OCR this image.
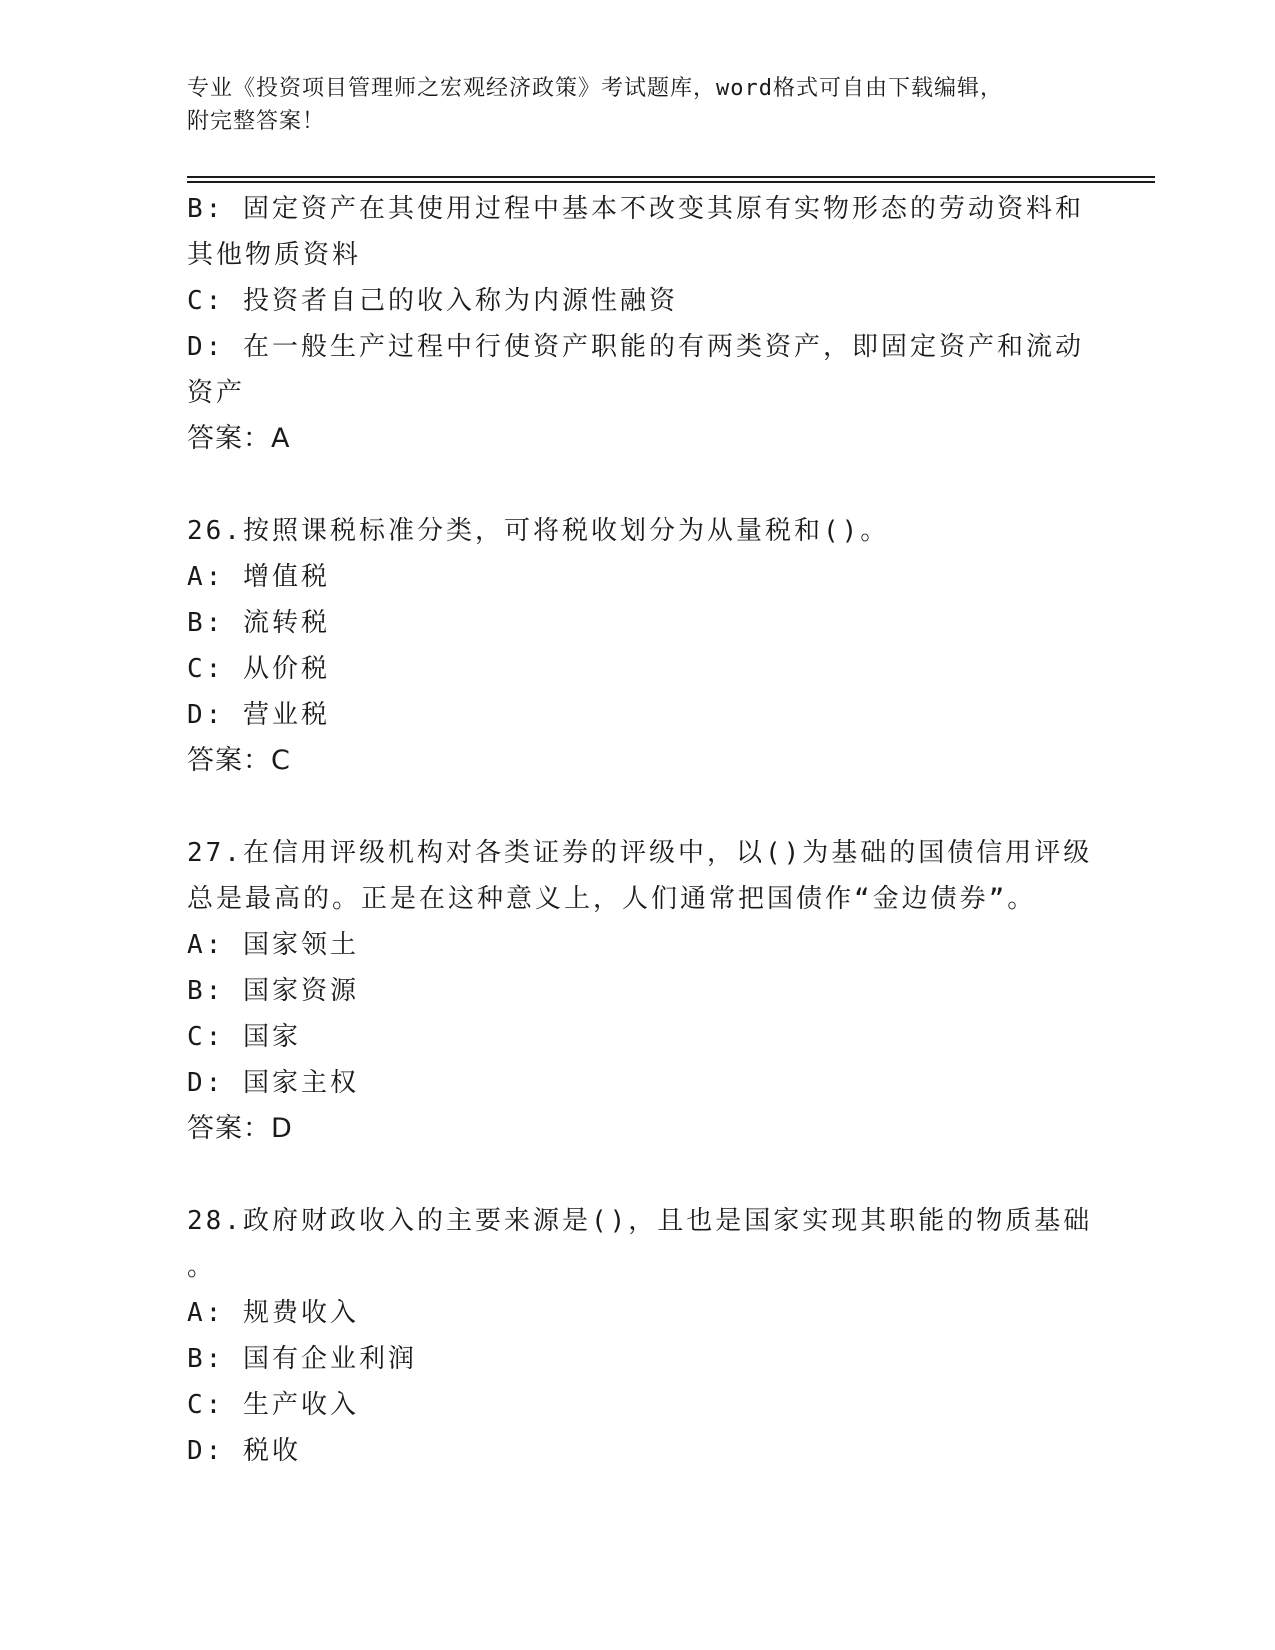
专业《投资项目管理师之宏观经济政策》考试题库，word格式可自由下载编辑，
附完整答案！
B: 固定资产在其使用过程中基本不改变其原有实物形态的劳动资料和
其他物质资料
C: 投资者自己的收入称为内源性融资
D: 在一般生产过程中行使资产职能的有两类资产，即固定资产和流动
资产
答案：A
26.按照课税标准分类，可将税收划分为从量税和()。
A: 增值税
B: 流转税
C: 从价税
D: 营业税
答案：C
27.在信用评级机构对各类证券的评级中，以()为基础的国债信用评级
总是最高的。正是在这种意义上，人们通常把国债作“金边债券”。
A: 国家领土
B: 国家资源
C: 国家
D: 国家主权
答案：D
28.政府财政收入的主要来源是()，且也是国家实现其职能的物质基础
。
A: 规费收入
B: 国有企业利润
C: 生产收入
D: 税收
